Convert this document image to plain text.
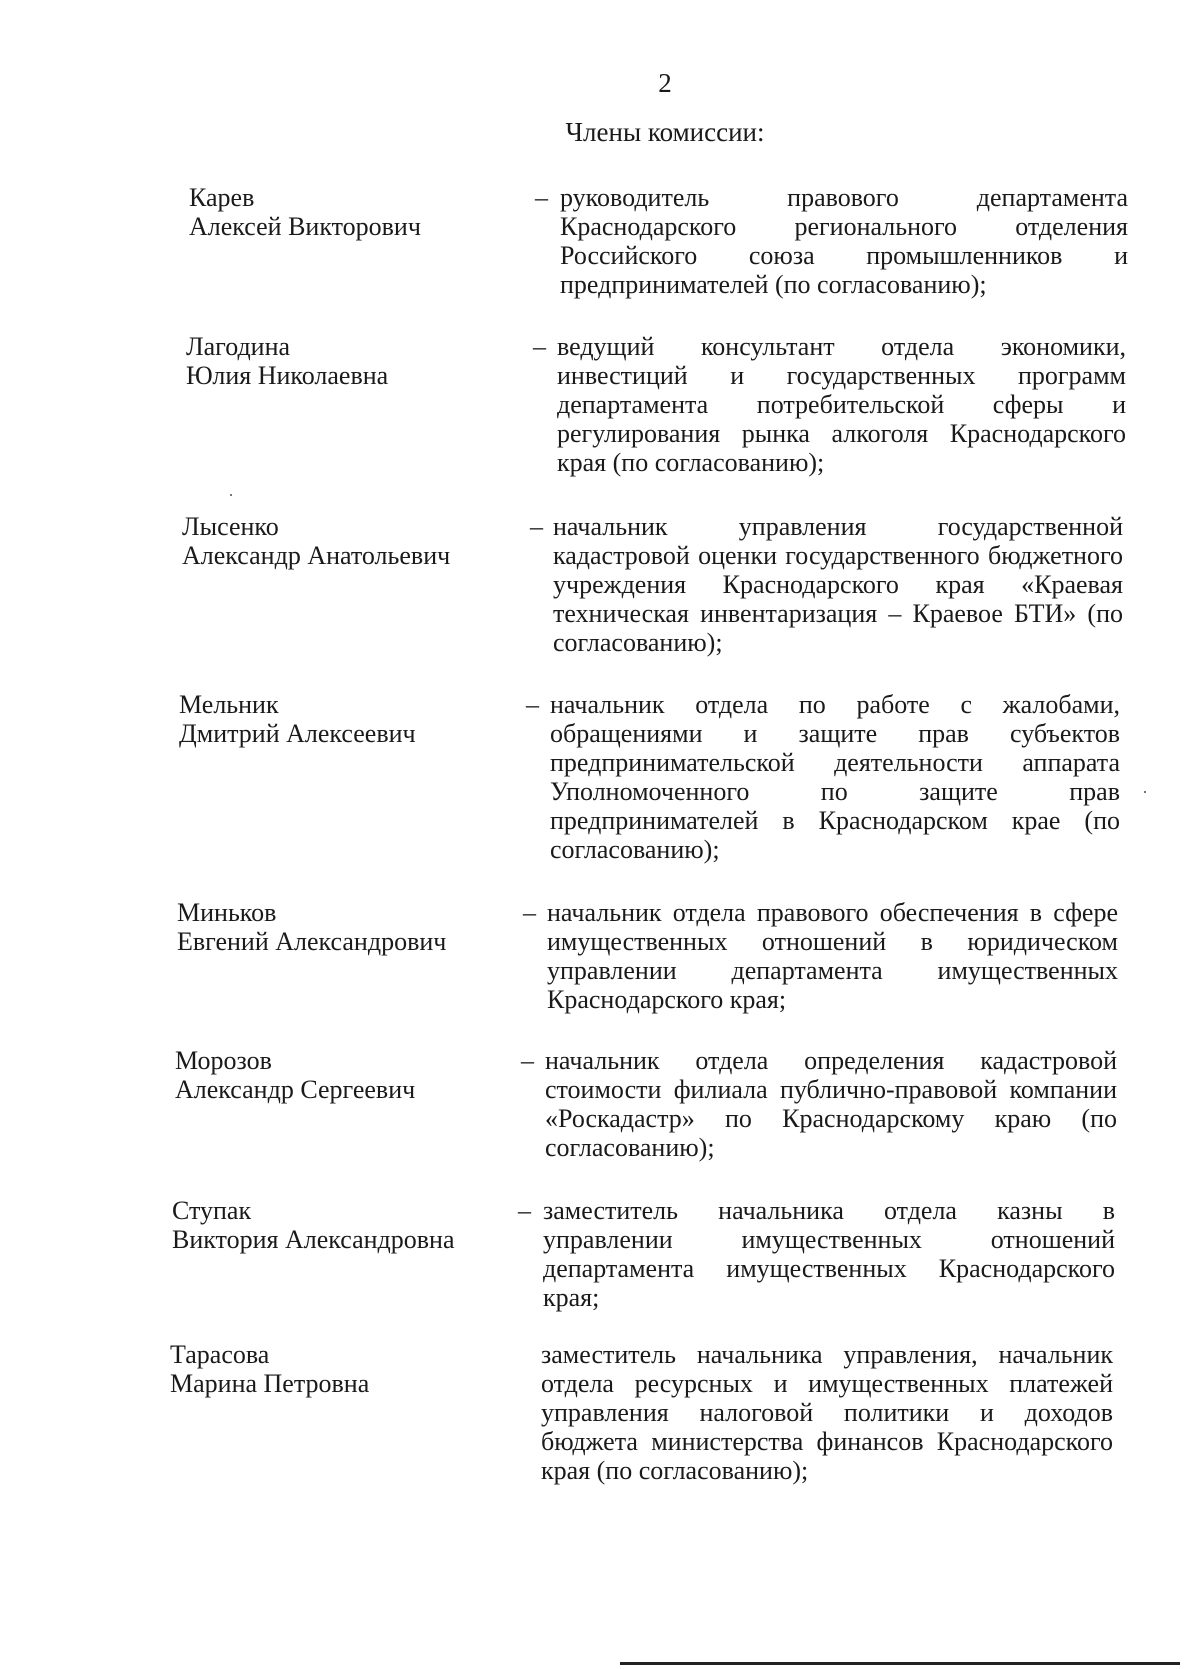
2
Члены комиссии:
Карев
Алексей Викторович
– руководитель правового департамента Краснодарского регионального отделения Российского союза промышленников и предпринимателей (по согласованию);
Лагодина
Юлия Николаевна
– ведущий консультант отдела экономики, инвестиций и государственных программ департамента потребительской сферы и регулирования рынка алкоголя Краснодарского края (по согласованию);
Лысенко
Александр Анатольевич
– начальник управления государственной кадастровой оценки государственного бюджетного учреждения Краснодарского края «Краевая техническая инвентаризация – Краевое БТИ» (по согласованию);
Мельник
Дмитрий Алексеевич
– начальник отдела по работе с жалобами, обращениями и защите прав субъектов предпринимательской деятельности аппарата Уполномоченного по защите прав предпринимателей в Краснодарском крае (по согласованию);
Миньков
Евгений Александрович
– начальник отдела правового обеспечения в сфере имущественных отношений в юридическом управлении департамента имущественных Краснодарского края;
Морозов
Александр Сергеевич
– начальник отдела определения кадастровой стоимости филиала публично-правовой компании «Роскадастр» по Краснодарскому краю (по согласованию);
Ступак
Виктория Александровна
– заместитель начальника отдела казны в управлении имущественных отношений департамента имущественных Краснодарского края;
Тарасова
Марина Петровна
заместитель начальника управления, начальник отдела ресурсных и имущественных платежей управления налоговой политики и доходов бюджета министерства финансов Краснодарского края (по согласованию);
